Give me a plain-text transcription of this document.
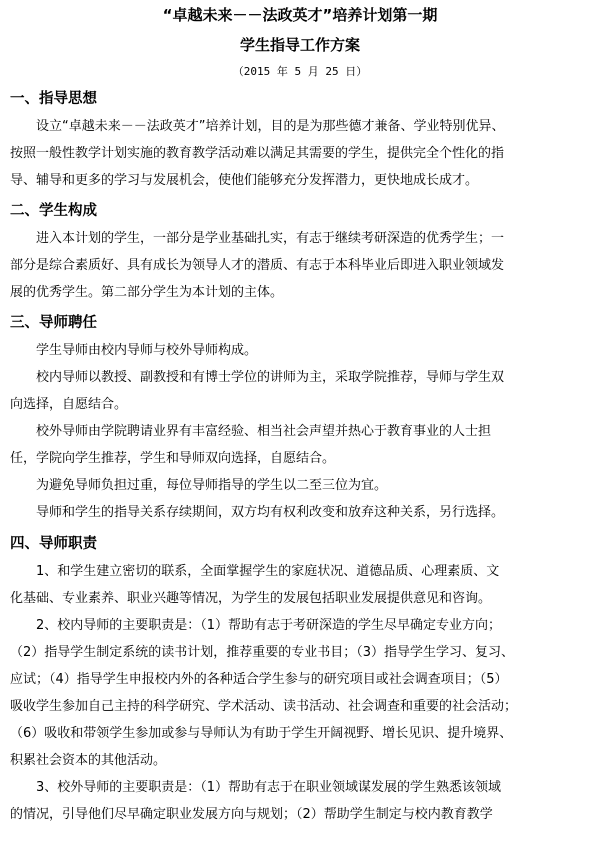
“卓越未来－－法政英才”培养计划第一期
学生指导工作方案
（2015 年 5 月 25 日）
一、指导思想
设立“卓越未来－－法政英才”培养计划，目的是为那些德才兼备、学业特别优异、
按照一般性教学计划实施的教育教学活动难以满足其需要的学生，提供完全个性化的指
导、辅导和更多的学习与发展机会，使他们能够充分发挥潜力，更快地成长成才。
二、学生构成
进入本计划的学生，一部分是学业基础扎实，有志于继续考研深造的优秀学生；一
部分是综合素质好、具有成长为领导人才的潜质、有志于本科毕业后即进入职业领域发
展的优秀学生。第二部分学生为本计划的主体。
三、导师聘任
学生导师由校内导师与校外导师构成。
校内导师以教授、副教授和有博士学位的讲师为主，采取学院推荐，导师与学生双
向选择，自愿结合。
校外导师由学院聘请业界有丰富经验、相当社会声望并热心于教育事业的人士担
任，学院向学生推荐，学生和导师双向选择，自愿结合。
为避免导师负担过重，每位导师指导的学生以二至三位为宜。
导师和学生的指导关系存续期间，双方均有权利改变和放弃这种关系，另行选择。
四、导师职责
1、和学生建立密切的联系，全面掌握学生的家庭状况、道德品质、心理素质、文
化基础、专业素养、职业兴趣等情况，为学生的发展包括职业发展提供意见和咨询。
2、校内导师的主要职责是：（1）帮助有志于考研深造的学生尽早确定专业方向；
（2）指导学生制定系统的读书计划，推荐重要的专业书目；（3）指导学生学习、复习、
应试；（4）指导学生申报校内外的各种适合学生参与的研究项目或社会调查项目；（5）
吸收学生参加自己主持的科学研究、学术活动、读书活动、社会调查和重要的社会活动；
（6）吸收和带领学生参加或参与导师认为有助于学生开阔视野、增长见识、提升境界、
积累社会资本的其他活动。
3、校外导师的主要职责是：（1）帮助有志于在职业领域谋发展的学生熟悉该领域
的情况，引导他们尽早确定职业发展方向与规划；（2）帮助学生制定与校内教育教学
